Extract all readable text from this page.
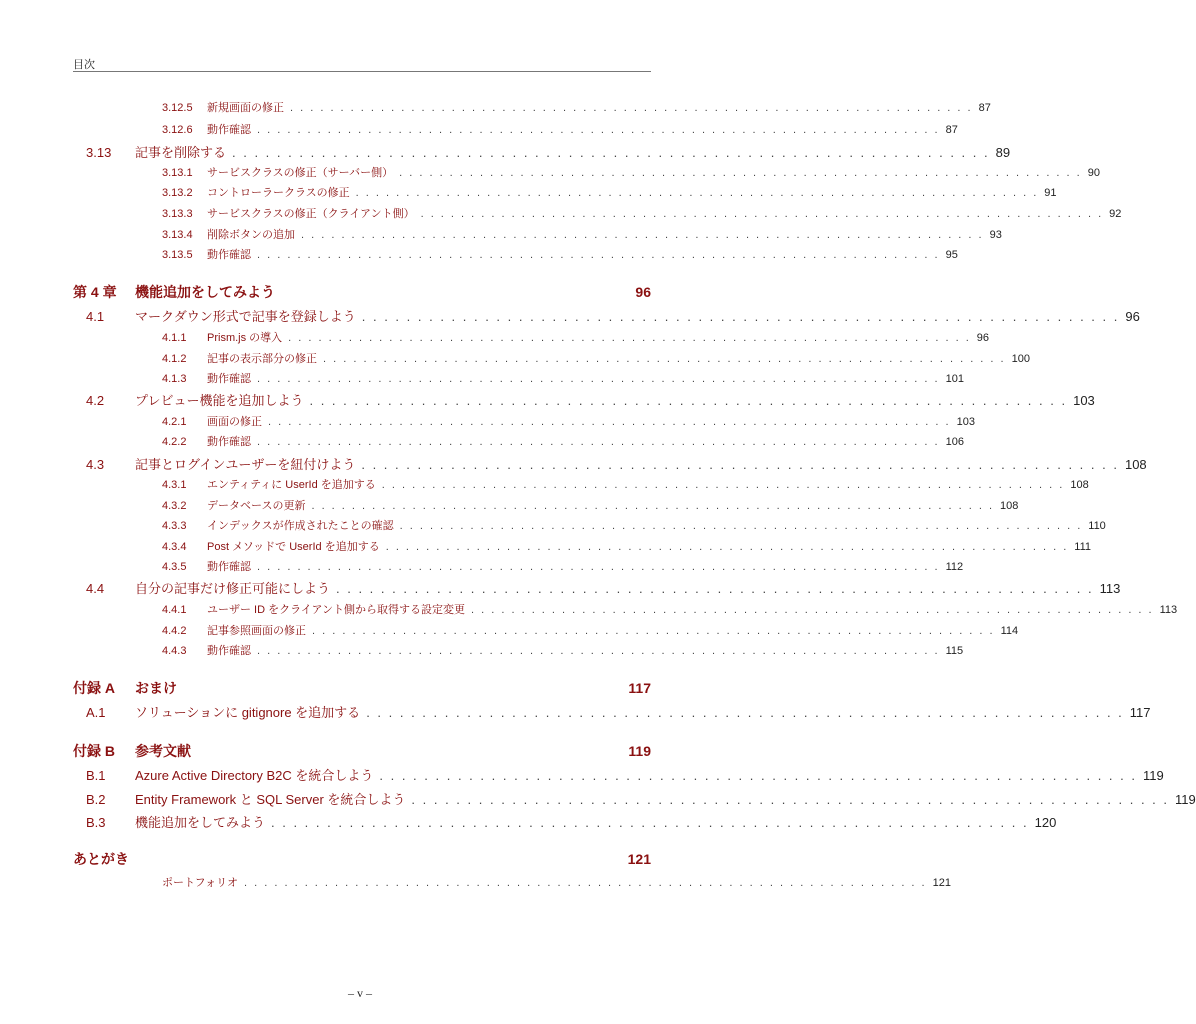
目次
3.12.5	新規画面の修正 . . . . . . . . . . . . . . . . . . . . . . . . . . . . . . . . . . . . . . . . . . . . . . . . . . . . . . . . . . . . . . . . . . . . 87
3.12.6	動作確認 . . . . . . . . . . . . . . . . . . . . . . . . . . . . . . . . . . . . . . . . . . . . . . . . . . . . . . . . . . . . . . . . . . . . 87
3.13	記事を削除する . . . . . . . . . . . . . . . . . . . . . . . . . . . . . . . . . . . . . . . . . . . . . . . . . . . . . . . . . . . . . . . . . . . . 89
3.13.1	サービスクラスの修正（サーバー側） . . . . . . . . . . . . . . . . . . . . . . . . . . . . . . . . . . . . . . . . . . . . . . . . . . . . . . . . . . . . . . . . . . . . 90
3.13.2	コントローラークラスの修正 . . . . . . . . . . . . . . . . . . . . . . . . . . . . . . . . . . . . . . . . . . . . . . . . . . . . . . . . . . . . . . . . . . . . 91
3.13.3	サービスクラスの修正（クライアント側） . . . . . . . . . . . . . . . . . . . . . . . . . . . . . . . . . . . . . . . . . . . . . . . . . . . . . . . . . . . . . . . . . . . . 92
3.13.4	削除ボタンの追加 . . . . . . . . . . . . . . . . . . . . . . . . . . . . . . . . . . . . . . . . . . . . . . . . . . . . . . . . . . . . . . . . . . . . 93
3.13.5	動作確認 . . . . . . . . . . . . . . . . . . . . . . . . . . . . . . . . . . . . . . . . . . . . . . . . . . . . . . . . . . . . . . . . . . . . 95
第 4 章	機能追加をしてみよう	96
4.1	マークダウン形式で記事を登録しよう . . . . . . . . . . . . . . . . . . . . . . . . . . . . . . . . . . . . . . . . . . . . . . . . . . . . . . . . . . . . . . . . . . . . 96
4.1.1	Prism.js の導入 . . . . . . . . . . . . . . . . . . . . . . . . . . . . . . . . . . . . . . . . . . . . . . . . . . . . . . . . . . . . . . . . . . . . 96
4.1.2	記事の表示部分の修正 . . . . . . . . . . . . . . . . . . . . . . . . . . . . . . . . . . . . . . . . . . . . . . . . . . . . . . . . . . . . . . . . . . . . 100
4.1.3	動作確認 . . . . . . . . . . . . . . . . . . . . . . . . . . . . . . . . . . . . . . . . . . . . . . . . . . . . . . . . . . . . . . . . . . . . 101
4.2	プレビュー機能を追加しよう . . . . . . . . . . . . . . . . . . . . . . . . . . . . . . . . . . . . . . . . . . . . . . . . . . . . . . . . . . . . . . . . . . . . 103
4.2.1	画面の修正 . . . . . . . . . . . . . . . . . . . . . . . . . . . . . . . . . . . . . . . . . . . . . . . . . . . . . . . . . . . . . . . . . . . . 103
4.2.2	動作確認 . . . . . . . . . . . . . . . . . . . . . . . . . . . . . . . . . . . . . . . . . . . . . . . . . . . . . . . . . . . . . . . . . . . . 106
4.3	記事とログインユーザーを紐付けよう . . . . . . . . . . . . . . . . . . . . . . . . . . . . . . . . . . . . . . . . . . . . . . . . . . . . . . . . . . . . . . . . . . . . 108
4.3.1	エンティティに UserId を追加する . . . . . . . . . . . . . . . . . . . . . . . . . . . . . . . . . . . . . . . . . . . . . . . . . . . . . . . . . . . . . . . . . . . . 108
4.3.2	データベースの更新 . . . . . . . . . . . . . . . . . . . . . . . . . . . . . . . . . . . . . . . . . . . . . . . . . . . . . . . . . . . . . . . . . . . . 108
4.3.3	インデックスが作成されたことの確認 . . . . . . . . . . . . . . . . . . . . . . . . . . . . . . . . . . . . . . . . . . . . . . . . . . . . . . . . . . . . . . . . . . . . 110
4.3.4	Post メソッドで UserId を追加する . . . . . . . . . . . . . . . . . . . . . . . . . . . . . . . . . . . . . . . . . . . . . . . . . . . . . . . . . . . . . . . . . . . . 111
4.3.5	動作確認 . . . . . . . . . . . . . . . . . . . . . . . . . . . . . . . . . . . . . . . . . . . . . . . . . . . . . . . . . . . . . . . . . . . . 112
4.4	自分の記事だけ修正可能にしよう . . . . . . . . . . . . . . . . . . . . . . . . . . . . . . . . . . . . . . . . . . . . . . . . . . . . . . . . . . . . . . . . . . . . 113
4.4.1	ユーザー ID をクライアント側から取得する設定変更 . . . . . . . . . . . . . . . . . . . . . . . . . . . . . . . . . . . . . . . . . . . . . . . . . . . . . . . . . . . . . . . . . . . . 113
4.4.2	記事参照画面の修正 . . . . . . . . . . . . . . . . . . . . . . . . . . . . . . . . . . . . . . . . . . . . . . . . . . . . . . . . . . . . . . . . . . . . 114
4.4.3	動作確認 . . . . . . . . . . . . . . . . . . . . . . . . . . . . . . . . . . . . . . . . . . . . . . . . . . . . . . . . . . . . . . . . . . . . 115
付録 A	おまけ	117
A.1	ソリューションに gitignore を追加する . . . . . . . . . . . . . . . . . . . . . . . . . . . . . . . . . . . . . . . . . . . . . . . . . . . . . . . . . . . . . . . . . . . . 117
付録 B	参考文献	119
B.1	Azure Active Directory B2C を統合しよう . . . . . . . . . . . . . . . . . . . . . . . . . . . . . . . . . . . . . . . . . . . . . . . . . . . . . . . . . . . . . . . . . . . . 119
B.2	Entity Framework と SQL Server を統合しよう . . . . . . . . . . . . . . . . . . . . . . . . . . . . . . . . . . . . . . . . . . . . . . . . . . . . . . . . . . . . . . . . . . . . 119
B.3	機能追加をしてみよう . . . . . . . . . . . . . . . . . . . . . . . . . . . . . . . . . . . . . . . . . . . . . . . . . . . . . . . . . . . . . . . . . . . . 120
あとがき	121
ポートフォリオ . . . . . . . . . . . . . . . . . . . . . . . . . . . . . . . . . . . . . . . . . . . . . . . . . . . . . . . . . . . . . . . . . . . . 121
– v –
